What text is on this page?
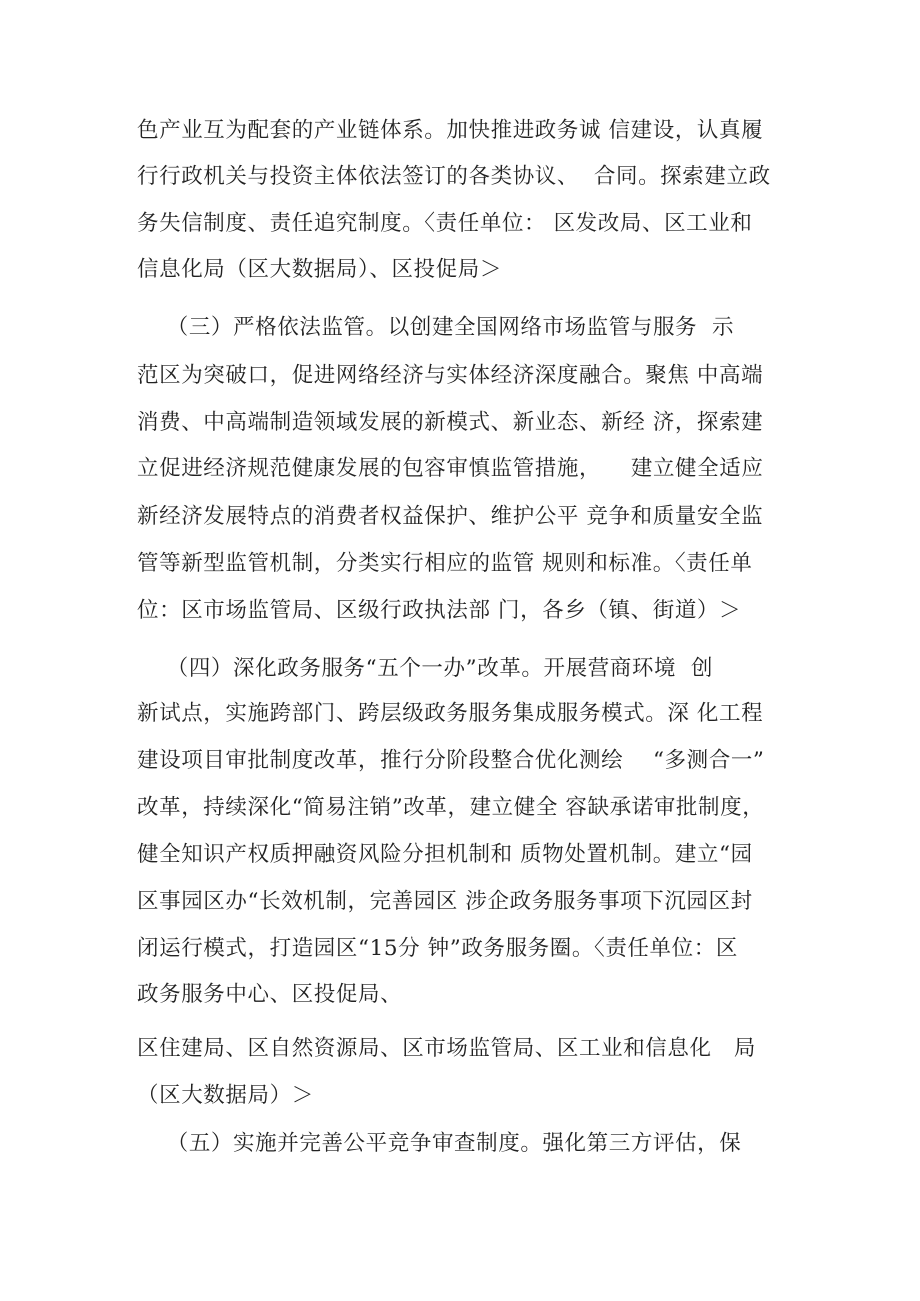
色产业互为配套的产业链体系。加快推进政务诚 信建设，认真履
行行政机关与投资主体依法签订的各类协议、  合同。探索建立政
务失信制度、责任追究制度。〈责任单位： 区发改局、区工业和
信息化局（区大数据局）、区投促局＞
（三）严格依法监管。以创建全国网络市场监管与服务  示
范区为突破口，促进网络经济与实体经济深度融合。聚焦 中高端
消费、中高端制造领域发展的新模式、新业态、新经 济，探索建
立促进经济规范健康发展的包容审慎监管措施，    建立健全适应
新经济发展特点的消费者权益保护、维护公平 竞争和质量安全监
管等新型监管机制，分类实行相应的监管 规则和标准。〈责任单
位：区市场监管局、区级行政执法部 门，各乡（镇、街道）＞
（四）深化政务服务“五个一办”改革。开展营商环境  创
新试点，实施跨部门、跨层级政务服务集成服务模式。深 化工程
建设项目审批制度改革，推行分阶段整合优化测绘    “多测合一”
改革，持续深化“简易注销”改革，建立健全 容缺承诺审批制度，
健全知识产权质押融资风险分担机制和 质物处置机制。建立“园
区事园区办“长效机制，完善园区 涉企政务服务事项下沉园区封
闭运行模式，打造园区“15分 钟”政务服务圈。〈责任单位：区
政务服务中心、区投促局、
区住建局、区自然资源局、区市场监管局、区工业和信息化   局
（区大数据局）＞
（五）实施并完善公平竞争审查制度。强化第三方评估，保
